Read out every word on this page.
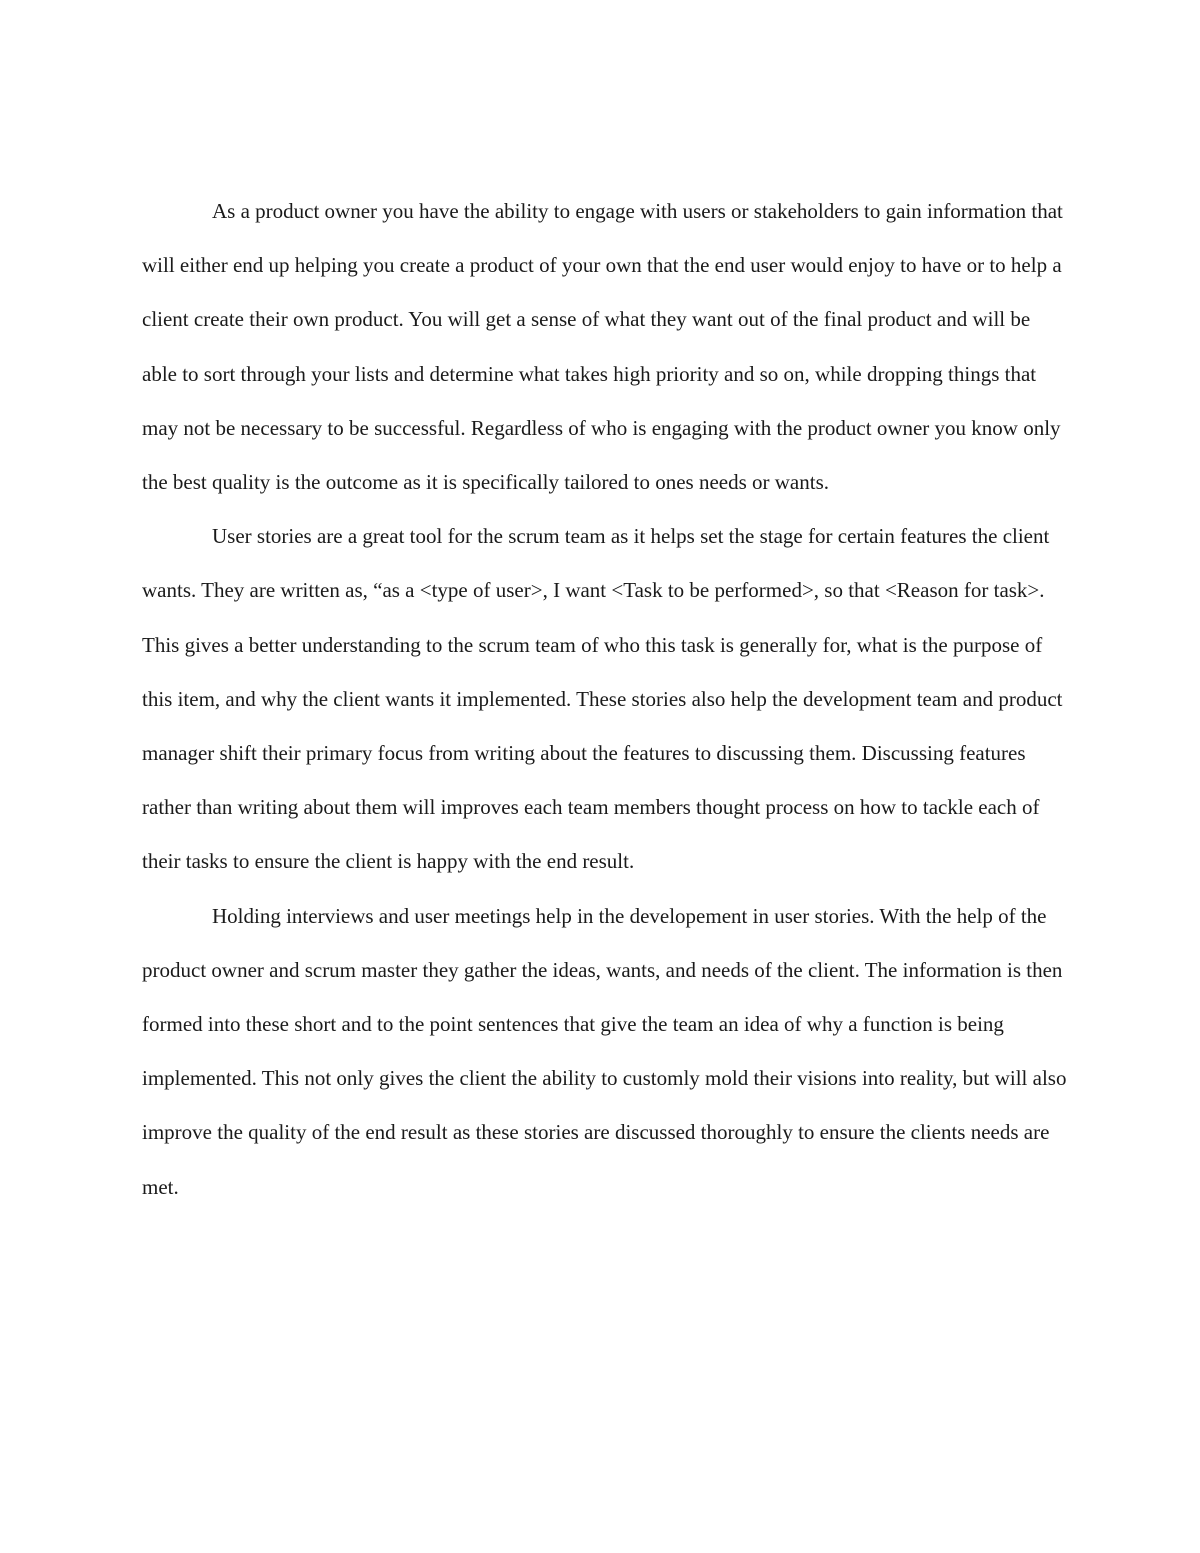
As a product owner you have the ability to engage with users or stakeholders to gain information that will either end up helping you create a product of your own that the end user would enjoy to have or to help a client create their own product. You will get a sense of what they want out of the final product and will be able to sort through your lists and determine what takes high priority and so on, while dropping things that may not be necessary to be successful. Regardless of who is engaging with the product owner you know only the best quality is the outcome as it is specifically tailored to ones needs or wants.

User stories are a great tool for the scrum team as it helps set the stage for certain features the client wants. They are written as, “as a <type of user>, I want <Task to be performed>, so that <Reason for task>. This gives a better understanding to the scrum team of who this task is generally for, what is the purpose of this item, and why the client wants it implemented. These stories also help the development team and product manager shift their primary focus from writing about the features to discussing them. Discussing features rather than writing about them will improves each team members thought process on how to tackle each of their tasks to ensure the client is happy with the end result.

Holding interviews and user meetings help in the developement in user stories. With the help of the product owner and scrum master they gather the ideas, wants, and needs of the client. The information is then formed into these short and to the point sentences that give the team an idea of why a function is being implemented. This not only gives the client the ability to customly mold their visions into reality, but will also improve the quality of the end result as these stories are discussed thoroughly to ensure the clients needs are met.
